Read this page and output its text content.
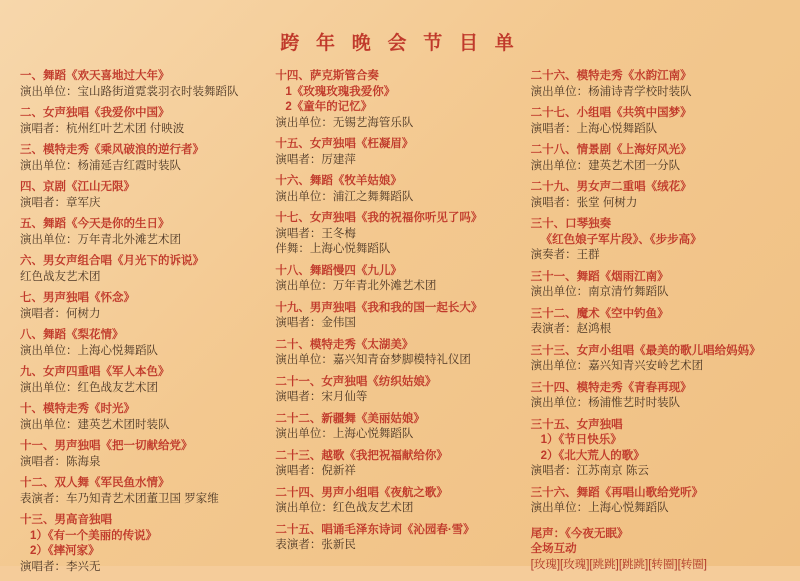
跨 年 晚 会 节 目 单
一、舞蹈《欢天喜地过大年》
演出单位：宝山路街道霓裳羽衣时装舞蹈队
二、女声独唱《我爱你中国》
演唱者：杭州红叶艺术团 付映波
三、模特走秀《乘风破浪的逆行者》
演出单位：杨浦延吉红霞时装队
四、京剧《江山无限》
演唱者：章军庆
五、舞蹈《今天是你的生日》
演出单位：万年青北外滩艺术团
六、男女声组合唱《月光下的诉说》
红色战友艺术团
七、男声独唱《怀念》
演唱者：何树力
八、舞蹈《梨花情》
演出单位：上海心悦舞蹈队
九、女声四重唱《军人本色》
演出单位：红色战友艺术团
十、模特走秀《时光》
演出单位：建英艺术团时装队
十一、男声独唱《把一切献给党》
演唱者：陈海泉
十二、双人舞《军民鱼水情》
表演者：车乃知青艺术团董卫国 罗家维
十三、男高音独唱
1）《有一个美丽的传说》
2）《摔河家》
演唱者：李兴无
十四、萨克斯管合奏
1《玫瑰玫瑰我爱你》
2《童年的记忆》
演出单位：无锡艺海管乐队
十五、女声独唱《枉凝眉》
演唱者：厉建萍
十六、舞蹈《牧羊姑娘》
演出单位：浦江之舞舞蹈队
十七、女声独唱《我的祝福你听见了吗》
演唱者：王冬梅
伴舞：上海心悦舞蹈队
十八、舞蹈慢四《九儿》
演出单位：万年青北外滩艺术团
十九、男声独唱《我和我的国一起长大》
演唱者：金伟国
二十、模特走秀《太湖美》
演出单位：嘉兴知青奋梦脚模特礼仪团
二十一、女声独唱《纺织姑娘》
演唱者：宋月仙等
二十二、新疆舞《美丽姑娘》
演出单位：上海心悦舞蹈队
二十三、越歌《我把祝福献给你》
演唱者：倪新祥
二十四、男声小组唱《夜航之歌》
演出单位：红色战友艺术团
二十五、唱诵毛泽东诗词《沁园春·雪》
表演者：张新民
二十六、模特走秀《水韵江南》
演出单位：杨浦诗青学校时装队
二十七、小组唱《共筑中国梦》
演唱者：上海心悦舞蹈队
二十八、情景剧《上海好风光》
演出单位：建英艺术团一分队
二十九、男女声二重唱《绒花》
演唱者：张堂 何树力
三十、口琴独奏
《红色娘子军片段》、《步步高》
演奏者：王群
三十一、舞蹈《烟雨江南》
演出单位：南京清竹舞蹈队
三十二、魔术《空中钓鱼》
表演者：赵鸿根
三十三、女声小组唱《最美的歌儿唱给妈妈》
演出单位：嘉兴知青兴安岭艺术团
三十四、模特走秀《青春再现》
演出单位：杨浦惟艺时时装队
三十五、女声独唱
1）《节日快乐》
2）《北大荒人的歌》
演唱者：江苏南京 陈云
三十六、舞蹈《再唱山歌给党听》
演出单位：上海心悦舞蹈队
尾声：《今夜无眠》
全场互动
[玫瑰][玫瑰][跳跳][跳跳][转圈][转圈]
